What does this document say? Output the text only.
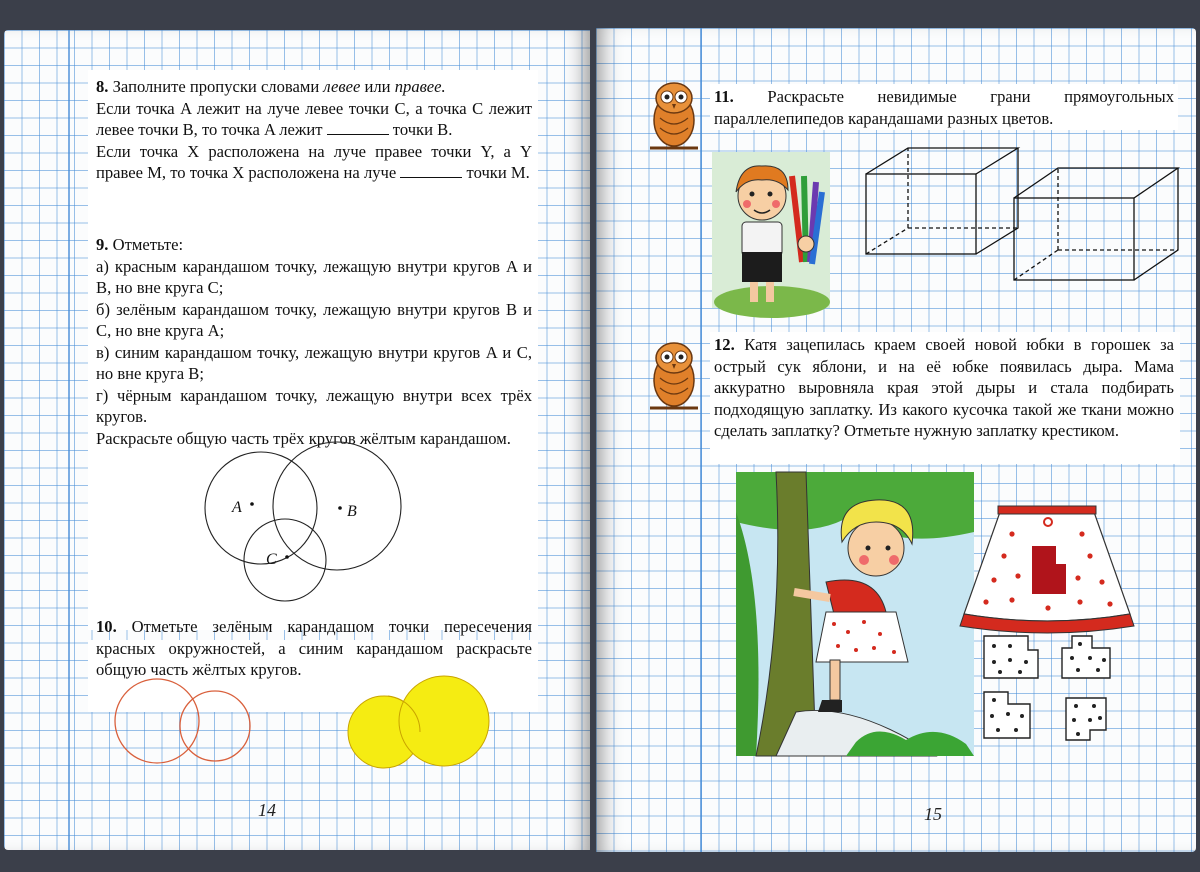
8. Заполните пропуски словами левее или правее.

Если точка A лежит на луче левее точки C, а точка C лежит левее точки B, то точка A лежит	точки B.

Если точка X расположена на луче правее точки Y, а Y правее M, то точка X расположена на луче	точки M.

9. Отметьте:

а) красным карандашом точку, лежащую внутри кругов A и B, но вне круга C;

б) зелёным карандашом точку, лежащую внутри кругов B и C, но вне круга A;

в) синим карандашом точку, лежащую внутри кругов A и C, но вне круга B;

г) чёрным карандашом точку, лежащую внутри всех трёх кругов.

Раскрасьте общую часть трёх кругов жёлтым карандашом.

A	B
C

10. Отметьте зелёным карандашом точки пересечения красных окружностей, а синим карандашом раскрасьте общую часть жёлтых кругов.

14

11. Раскрасьте невидимые грани прямоугольных параллелепипедов карандашами разных цветов.

12. Катя зацепилась краем своей новой юбки в горошек за острый сук яблони, и на её юбке появилась дыра. Мама аккуратно выровняла края этой дыры и стала подбирать подходящую заплатку. Из какого кусочка такой же ткани можно сделать заплатку? Отметьте нужную заплатку крестиком.

15
